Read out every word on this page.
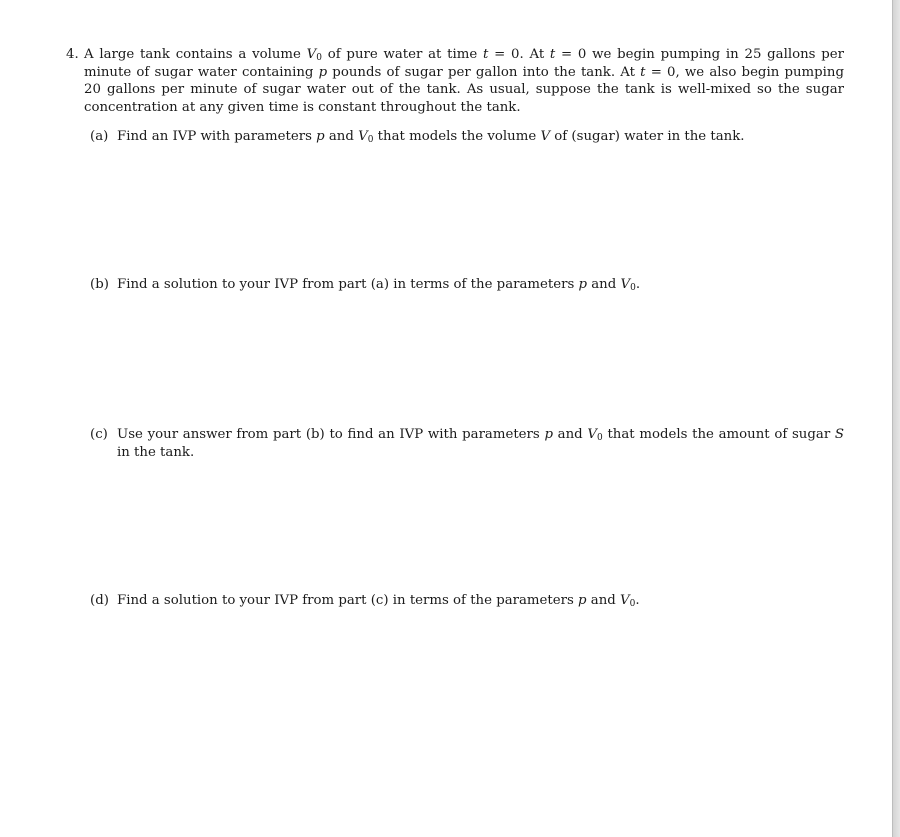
4. A large tank contains a volume $V_0$ of pure water at time t = 0. At t = 0 we begin pumping in 25 gallons per minute of sugar water containing p pounds of sugar per gallon into the tank. At t = 0, we also begin pumping 20 gallons per minute of sugar water out of the tank. As usual, suppose the tank is well-mixed so the sugar concentration at any given time is constant throughout the tank.
(a) Find an IVP with parameters p and $V_0$ that models the volume V of (sugar) water in the tank.
(b) Find a solution to your IVP from part (a) in terms of the parameters p and $V_0$.
(c) Use your answer from part (b) to find an IVP with parameters p and $V_0$ that models the amount of sugar S in the tank.
(d) Find a solution to your IVP from part (c) in terms of the parameters p and $V_0$.
